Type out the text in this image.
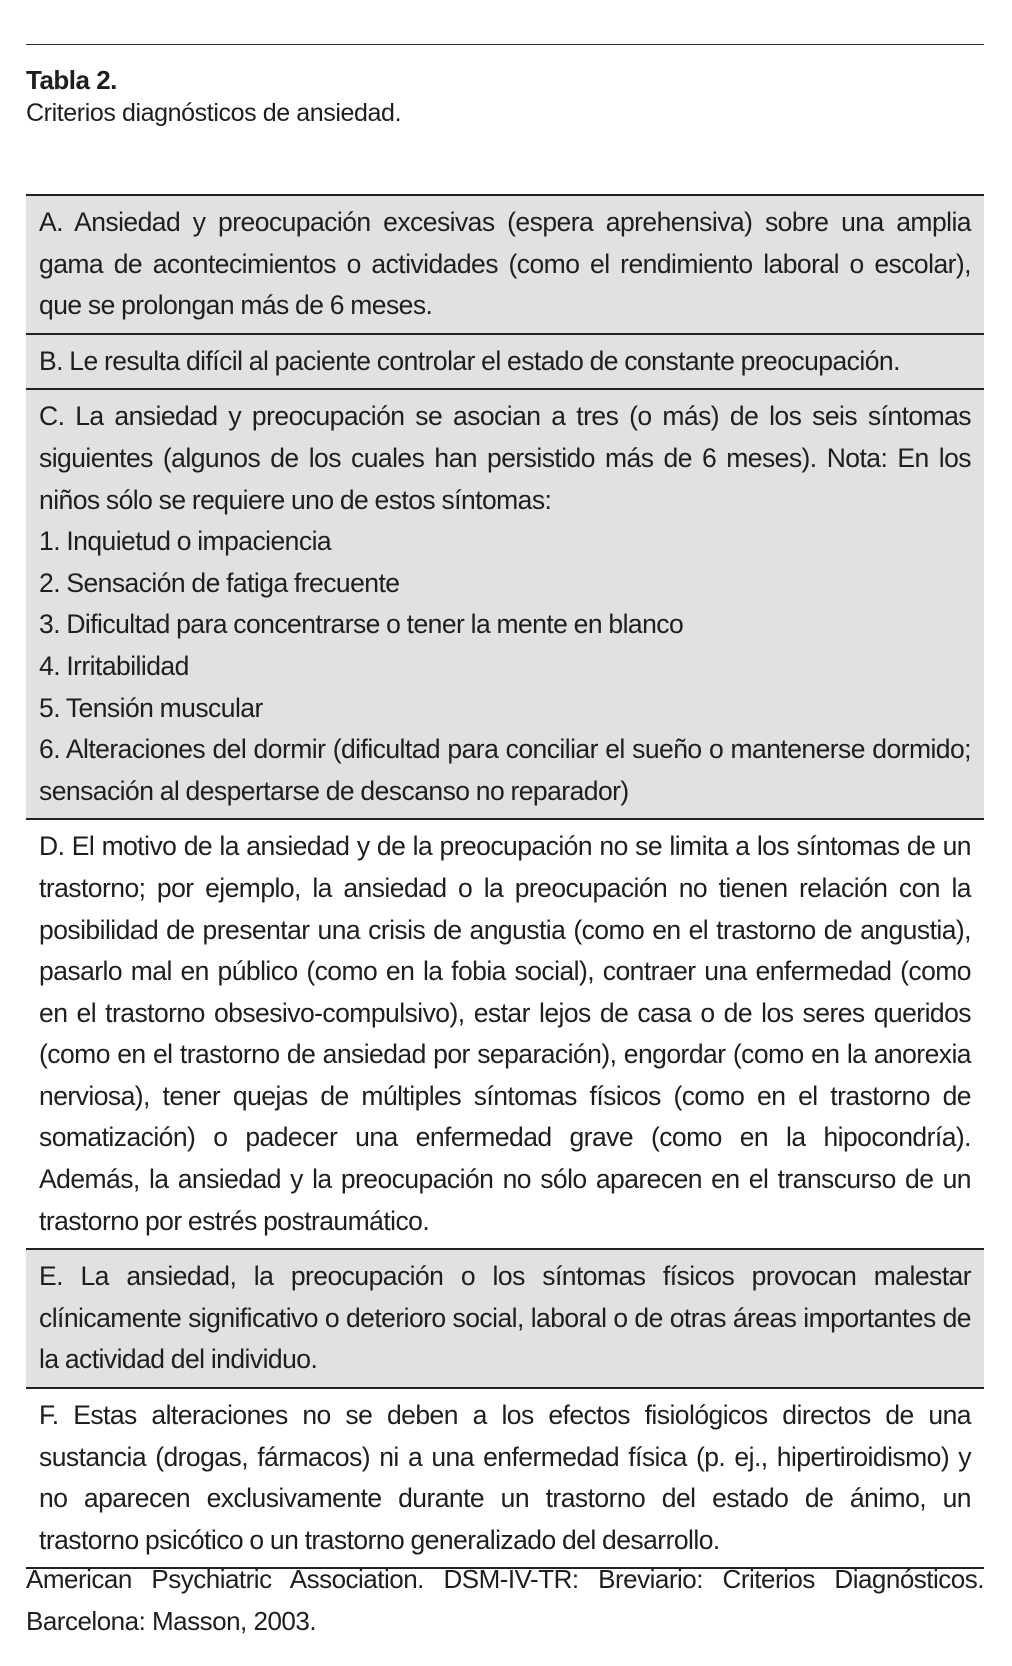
Tabla 2.
Criterios diagnósticos de ansiedad.

A. Ansiedad y preocupación excesivas (espera aprehensiva) sobre una amplia gama de acontecimientos o actividades (como el rendimiento laboral o escolar), que se prolongan más de 6 meses.

B. Le resulta difícil al paciente controlar el estado de constante preocupación.

C. La ansiedad y preocupación se asocian a tres (o más) de los seis síntomas siguientes (algunos de los cuales han persistido más de 6 meses). Nota: En los niños sólo se requiere uno de estos síntomas:

1. Inquietud o impaciencia
2. Sensación de fatiga frecuente
3. Dificultad para concentrarse o tener la mente en blanco
4. Irritabilidad
5. Tensión muscular

6. Alteraciones del dormir (dificultad para conciliar el sueño o mantenerse dormido; sensación al despertarse de descanso no reparador)

D. El motivo de la ansiedad y de la preocupación no se limita a los síntomas de un trastorno; por ejemplo, la ansiedad o la preocupación no tienen relación con la posibilidad de presentar una crisis de angustia (como en el trastorno de angustia), pasarlo mal en público (como en la fobia social), contraer una enfermedad (como en el trastorno obsesivo-compulsivo), estar lejos de casa o de los seres queridos (como en el trastorno de ansiedad por separación), engordar (como en la anorexia nerviosa), tener quejas de múltiples síntomas físicos (como en el trastorno de somatización) o padecer una enfermedad grave (como en la hipocondría). Además, la ansiedad y la preocupación no sólo aparecen en el transcurso de un trastorno por estrés postraumático.

E. La ansiedad, la preocupación o los síntomas físicos provocan malestar clínicamente significativo o deterioro social, laboral o de otras áreas importantes de la actividad del individuo.

F. Estas alteraciones no se deben a los efectos fisiológicos directos de una sustancia (drogas, fármacos) ni a una enfermedad física (p. ej., hipertiroidismo) y no aparecen exclusivamente durante un trastorno del estado de ánimo, un trastorno psicótico o un trastorno generalizado del desarrollo.

American Psychiatric Association. DSM-IV-TR: Breviario: Criterios Diagnósticos. Barcelona: Masson, 2003.
